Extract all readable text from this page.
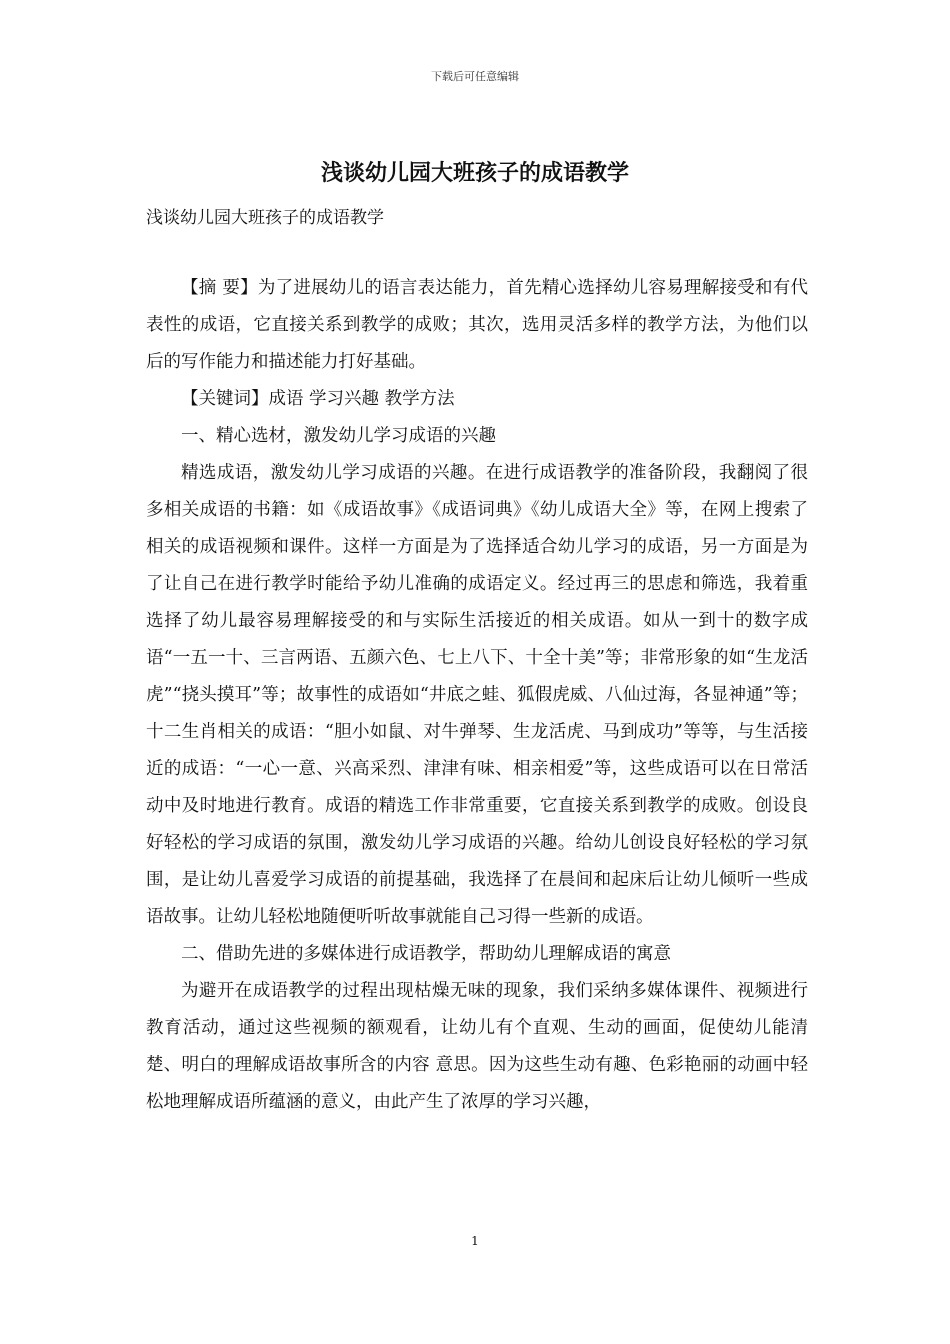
下载后可任意编辑
浅谈幼儿园大班孩子的成语教学
浅谈幼儿园大班孩子的成语教学

【摘 要】为了进展幼儿的语言表达能力，首先精心选择幼儿容易理解接受和有代表性的成语，它直接关系到教学的成败；其次，选用灵活多样的教学方法，为他们以后的写作能力和描述能力打好基础。

【关键词】成语 学习兴趣 教学方法

一、精心选材，激发幼儿学习成语的兴趣

精选成语，激发幼儿学习成语的兴趣。在进行成语教学的准备阶段，我翻阅了很多相关成语的书籍：如《成语故事》《成语词典》《幼儿成语大全》等，在网上搜索了相关的成语视频和课件。这样一方面是为了选择适合幼儿学习的成语，另一方面是为了让自己在进行教学时能给予幼儿准确的成语定义。经过再三的思虑和筛选，我着重选择了幼儿最容易理解接受的和与实际生活接近的相关成语。如从一到十的数字成语“一五一十、三言两语、五颜六色、七上八下、十全十美”等；非常形象的如“生龙活虎”“挠头摸耳”等；故事性的成语如“井底之蛙、狐假虎威、八仙过海，各显神通”等；十二生肖相关的成语：“胆小如鼠、对牛弹琴、生龙活虎、马到成功”等等，与生活接近的成语：“一心一意、兴高采烈、津津有味、相亲相爱”等，这些成语可以在日常活动中及时地进行教育。成语的精选工作非常重要，它直接关系到教学的成败。创设良好轻松的学习成语的氛围，激发幼儿学习成语的兴趣。给幼儿创设良好轻松的学习氛围，是让幼儿喜爱学习成语的前提基础，我选择了在晨间和起床后让幼儿倾听一些成语故事。让幼儿轻松地随便听听故事就能自己习得一些新的成语。

二、借助先进的多媒体进行成语教学，帮助幼儿理解成语的寓意

为避开在成语教学的过程出现枯燥无味的现象，我们采纳多媒体课件、视频进行教育活动，通过这些视频的额观看，让幼儿有个直观、生动的画面，促使幼儿能清楚、明白的理解成语故事所含的内容 意思。因为这些生动有趣、色彩艳丽的动画中轻松地理解成语所蕴涵的意义，由此产生了浓厚的学习兴趣，

1
